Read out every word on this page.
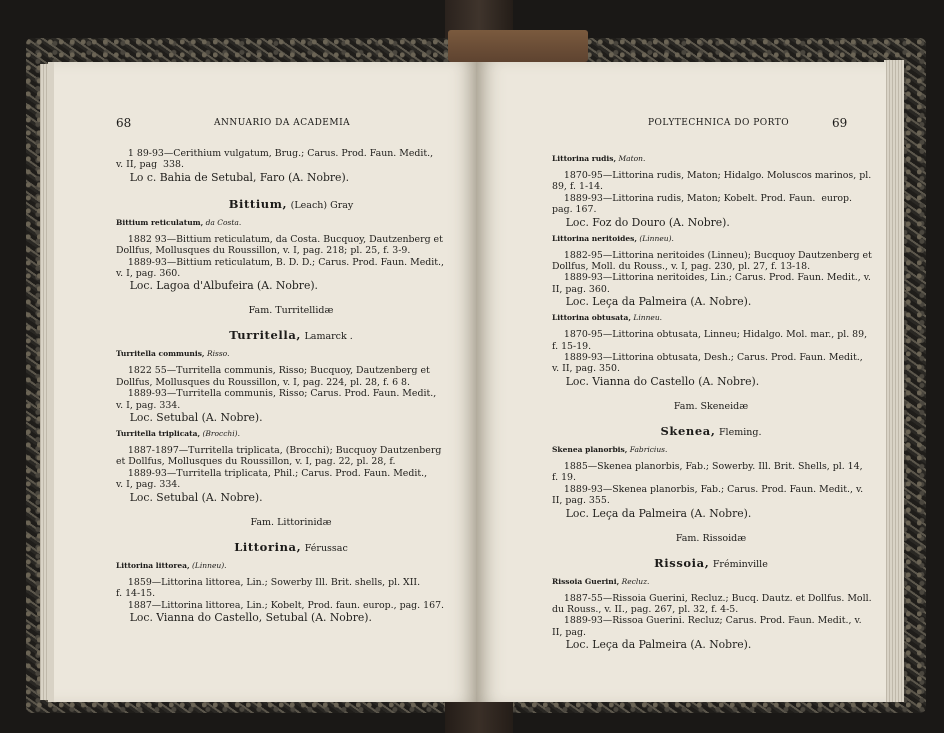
68	ANNUARIO DA ACADEMIA
1 89-93—Cerithium vulgatum, Brug.; Carus. Prod. Faun. Medit.,
v. II, pag  338.
Lo c. Bahia de Setubal, Faro (A. Nobre).
Bittium, (Leach) Gray
Bittium reticulatum, da Costa.
1882 93—Bittium reticulatum, da Costa. Bucquoy, Dautzenberg et
Dollfus, Mollusques du Roussillon, v. I, pag. 218; pl. 25, f. 3-9.
1889-93—Bittium reticulatum, B. D. D.; Carus. Prod. Faun. Medit.,
v. I, pag. 360.
Loc. Lagoa d'Albufeira (A. Nobre).
Fam. Turritellidæ
Turritella, Lamarck .
Turritella communis, Risso.
1822 55—Turritella communis, Risso; Bucquoy, Dautzenberg et
Dollfus, Mollusques du Roussillon, v. I, pag. 224, pl. 28, f. 6 8.
1889-93—Turritella communis, Risso; Carus. Prod. Faun. Medit.,
v. I, pag. 334.
Loc. Setubal (A. Nobre).
Turritella triplicata, (Brocchi).
1887-1897—Turritella triplicata, (Brocchi); Bucquoy Dautzenberg
et Dollfus, Mollusques du Roussillon, v. I, pag. 22, pl. 28, f.
1889-93—Turritella triplicata, Phil.; Carus. Prod. Faun. Medit.,
v. I, pag. 334.
Loc. Setubal (A. Nobre).
Fam. Littorinidæ
Littorina, Férussac
Littorina littorea, (Linneu).
1859—Littorina littorea, Lin.; Sowerby Ill. Brit. shells, pl. XII.
f. 14-15.
1887—Littorina littorea, Lin.; Kobelt, Prod. faun. europ., pag. 167.
Loc. Vianna do Castello, Setubal (A. Nobre).
POLYTECHNICA DO PORTO	69
Littorina rudis, Maton.
1870-95—Littorina rudis, Maton; Hidalgo. Moluscos marinos, pl.
89, f. 1-14.
1889-93—Littorina rudis, Maton; Kobelt. Prod. Faun.  europ.
pag. 167.
Loc. Foz do Douro (A. Nobre).
Littorina neritoides, (Linneu).
1882-95—Littorina neritoides (Linneu); Bucquoy Dautzenberg et
Dollfus, Moll. du Rouss., v. I, pag. 230, pl. 27, f. 13-18.
1889-93—Littorina neritoides, Lin.; Carus. Prod. Faun. Medit., v.
II, pag. 360.
Loc. Leça da Palmeira (A. Nobre).
Littorina obtusata, Linneu.
1870-95—Littorina obtusata, Linneu; Hidalgo. Mol. mar., pl. 89,
f. 15-19.
1889-93—Littorina obtusata, Desh.; Carus. Prod. Faun. Medit.,
v. II, pag. 350.
Loc. Vianna do Castello (A. Nobre).
Fam. Skeneidæ
Skenea, Fleming.
Skenea planorbis, Fabricius.
1885—Skenea planorbis, Fab.; Sowerby. Ill. Brit. Shells, pl. 14,
f. 19.
1889-93—Skenea planorbis, Fab.; Carus. Prod. Faun. Medit., v.
II, pag. 355.
Loc. Leça da Palmeira (A. Nobre).
Fam. Rissoidæ
Rissoia, Fréminville
Rissoia Guerini, Recluz.
1887-55—Rissoia Guerini, Recluz.; Bucq. Dautz. et Dollfus. Moll.
du Rouss., v. II., pag. 267, pl. 32, f. 4-5.
1889-93—Rissoa Guerini. Recluz; Carus. Prod. Faun. Medit., v.
II, pag.
Loc. Leça da Palmeira (A. Nobre).
